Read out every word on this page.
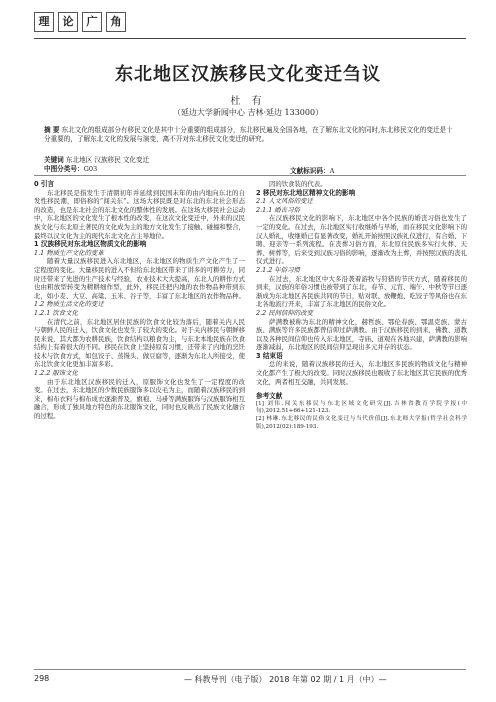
理	论	广	角
东北地区汉族移民文化变迁刍议
杜 有
（延边大学新闻中心 吉林·延边 133000）
摘 要 东北文化的组成部分有移民文化是其中十分重要的组成部分，东北移民遍及全国各地，在了解东北文化的同时,东北移民文化的变迁是十分重要的，了解东北文化的发展与演变，离不开对东北移民文化变迁的研究。
关键词 东北地区 汉族移民 文化变迁
中图分类号：G03	文献标识码：A

0 引言

东北移民是指发生于清朝初年并延续到民国末年的由内地向东北的自发性移民潮，即俗称的“闯关东”。这场大移民既是对东北的东北社会形态的改造，也是东北社会的东北文化的整体性的发展。在这场大移民社会运动中，东北地区的文化发生了根本性的改变，在这次文化变迁中，外来的汉民族文化与东北原土著民的文化成为主的地方文化发生了接触、碰撞和整合，最终以汉文化为主的现代东北文化占主导地位。

1 汉族移民对东北地区物质文化的影响

1.1 物质生产文化的变革

随着大量汉族移民进入东北地区，东北地区的物质生产文化产生了一定程度的变化。大量移民的进入不但给东北地区带来了讲多的可耕劳力，同时还带来了先进的生产技术与经验，农业技术大大提高，东北人的耕作方式也由粗放型转变为精耕细作型，此外，移民还把内地的农作物品种带到东北，如小麦、大豆、高粱、玉米、谷子等，丰富了东北地区的农作物品种。

1.2 物质生活文化的变迁

1.2.1 饮食文化

在清代之前，东北地区居住民族的饮食文化较为落后，随着关内人民与朝鲜人民的迁入，饮食文化也发生了较大的变化。对于关内移民与朝鲜移民来说，其大都为农耕民族，饮食结构以粮食为主，与东北本地民族在饮食结构上有着很大的不同。移民在饮食上坚持原有习惯，还带来了内地的烹饪技术与饮食方式，如包饺子、蒸馒头、做豆腐等，逐渐为东北人所接受，使东北饮食文化更加丰富多彩。

1.2.2 服饰文化

由于东北地区汉族移民的迁入，原服饰文化也发生了一定程度的改变。在过去，东北地区的少数民族服饰多以皮毛为主，而随着汉族移民的到来，棉布衣料与棉布成衣逐渐普及，旗袍、马褂等满族服饰与汉族服饰相互融合，形成了独具地方特色的东北服饰文化，同时也反映出了民族文化融合的过程。

因的饮食装的代表。

2 移民对东北地区精神文化的影响

2.1 人文风俗的变迁

2.1.1 婚丧习俗

在汉族移民文化的影响下，东北地区中各个民族的婚丧习俗也发生了一定的变化。在过去，东北地区实行收继婚与早婚，而在移民文化影响下的汉人婚礼，收继婚已有显著改变，婚礼开始按照汉族礼仪进行，有合婚、下聘、迎亲等一系列流程。在丧葬习俗方面，东北原住民族多实行火葬、天葬、树葬等，后来受到汉族习俗的影响，逐渐改为土葬，并按照汉族的丧礼仪式进行。

2.1.2 年俗习惯

在过去，东北地区中大多沿袭着游牧与狩猎的节庆方式，随着移民的到来，汉族的年俗习惯也被带到了东北，春节、元宵、端午、中秋等节日逐渐成为东北地区各民族共同的节日，贴对联、放鞭炮、吃饺子等风俗也在东北各地流行开来，丰富了东北地区的民俗文化。

2.2 民间信仰的改变

萨满教被称为东北的精神文化，赫哲族、鄂伦春族、鄂温克族、蒙古族、满族等许多民族都曾信仰过萨满教。由于汉族移民的到来，佛教、道教以及各种民间信仰也传入东北地区，寺庙、道观在各地兴建，萨满教的影响逐渐减弱，东北地区的民间信仰呈现出多元并存的状态。

3 结束语

总的来说，随着汉族移民的迁入，东北地区多民族的物质文化与精神文化都产生了极大的改变。同时汉族移民也吸收了东北地区其它民族的优秀文化，两者相互交融，共同发展。

参考文献

[1] 刘伟.闯关东移民与东北区域文化研究[J].吉林省教育学院学报(中旬),2012.51+66+121-123.

[2] 林琳.东北移民的民俗文化变迁与当代价值[J].东北师大学报(哲学社会科学版),2012(02):189-193.

298	— 科教导刊（电子版） 2018 年第 02 期 / 1 月（中）—
